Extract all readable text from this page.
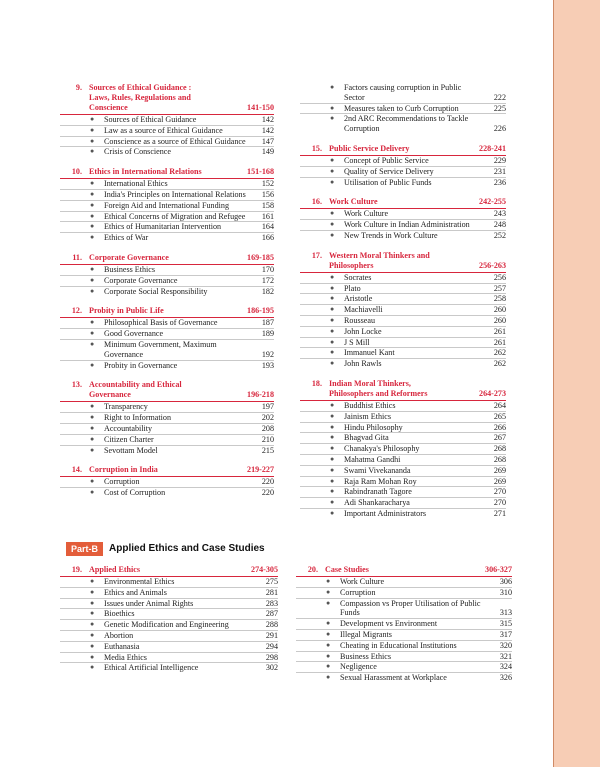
9. Sources of Ethical Guidance : Laws, Rules, Regulations and Conscience	141-150
● Sources of Ethical Guidance	142
● Law as a source of Ethical Guidance	142
● Conscience as a source of Ethical Guidance 147
● Crisis of Conscience	149
10. Ethics in International Relations	151-168
● International Ethics	152
● India's Principles on International Relations 156
● Foreign Aid and International Funding	158
● Ethical Concerns of Migration and Refugee 161
● Ethics of Humanitarian Intervention	164
● Ethics of War	166
11. Corporate Governance	169-185
● Business Ethics	170
● Corporate Governance	172
● Corporate Social Responsibility	182
12. Probity in Public Life	186-195
● Philosophical Basis of Governance	187
● Good Governance	189
● Minimum Government, Maximum Governance	192
● Probity in Governance	193
13. Accountability and Ethical Governance	196-218
● Transparency	197
● Right to Information	202
● Accountability	208
● Citizen Charter	210
● Sevottam Model	215
14. Corruption in India	219-227
● Corruption	220
● Cost of Corruption	220
● Factors causing corruption in Public Sector	222
● Measures taken to Curb Corruption	225
● 2nd ARC Recommendations to Tackle Corruption	226
15. Public Service Delivery	228-241
● Concept of Public Service	229
● Quality of Service Delivery	231
● Utilisation of Public Funds	236
16. Work Culture	242-255
● Work Culture	243
● Work Culture in Indian Administration	248
● New Trends in Work Culture	252
17. Western Moral Thinkers and Philosophers	256-263
● Socrates	256
● Plato	257
● Aristotle	258
● Machiavelli	260
● Rousseau	260
● John Locke	261
● J S Mill	261
● Immanuel Kant	262
● John Rawls	262
18. Indian Moral Thinkers, Philosophers and Reformers	264-273
● Buddhist Ethics	264
● Jainism Ethics	265
● Hindu Philosophy	266
● Bhagvad Gita	267
● Chanakya's Philosophy	268
● Mahatma Gandhi	268
● Swami Vivekananda	269
● Raja Ram Mohan Roy	269
● Rabindranath Tagore	270
● Adi Shankaracharya	270
● Important Administrators	271
Part-B	Applied Ethics and Case Studies
19. Applied Ethics	274-305
● Environmental Ethics	275
● Ethics and Animals	281
● Issues under Animal Rights	283
● Bioethics	287
● Genetic Modification and Engineering	288
● Abortion	291
● Euthanasia	294
● Media Ethics	298
● Ethical Artificial Intelligence	302
20. Case Studies	306-327
● Work Culture	306
● Corruption	310
● Compassion vs Proper Utilisation of Public Funds	313
● Development vs Environment	315
● Illegal Migrants	317
● Cheating in Educational Institutions	320
● Business Ethics	321
● Negligence	324
● Sexual Harassment at Workplace	326
